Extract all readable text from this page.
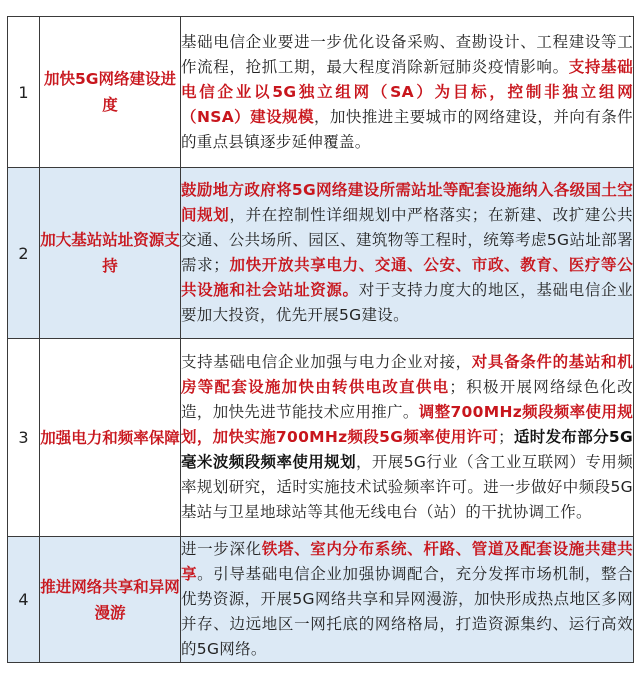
1	加快5G网络建设进度	基础电信企业要进一步优化设备采购、查勘设计、工程建设等工作流程，抢抓工期，最大程度消除新冠肺炎疫情影响。支持基础电信企业以5G独立组网（SA）为目标，控制非独立组网（NSA）建设规模，加快推进主要城市的网络建设，并向有条件的重点县镇逐步延伸覆盖。
2	加大基站站址资源支持	鼓励地方政府将5G网络建设所需站址等配套设施纳入各级国土空间规划，并在控制性详细规划中严格落实；在新建、改扩建公共交通、公共场所、园区、建筑物等工程时，统筹考虑5G站址部署需求；加快开放共享电力、交通、公安、市政、教育、医疗等公共设施和社会站址资源。对于支持力度大的地区，基础电信企业要加大投资，优先开展5G建设。
3	加强电力和频率保障	支持基础电信企业加强与电力企业对接，对具备条件的基站和机房等配套设施加快由转供电改直供电；积极开展网络绿色化改造，加快先进节能技术应用推广。调整700MHz频段频率使用规划，加快实施700MHz频段5G频率使用许可；适时发布部分5G毫米波频段频率使用规划，开展5G行业（含工业互联网）专用频率规划研究，适时实施技术试验频率许可。进一步做好中频段5G基站与卫星地球站等其他无线电台（站）的干扰协调工作。
4	推进网络共享和异网漫游	进一步深化铁塔、室内分布系统、杆路、管道及配套设施共建共享。引导基础电信企业加强协调配合，充分发挥市场机制，整合优势资源，开展5G网络共享和异网漫游，加快形成热点地区多网并存、边远地区一网托底的网络格局，打造资源集约、运行高效的5G网络。
